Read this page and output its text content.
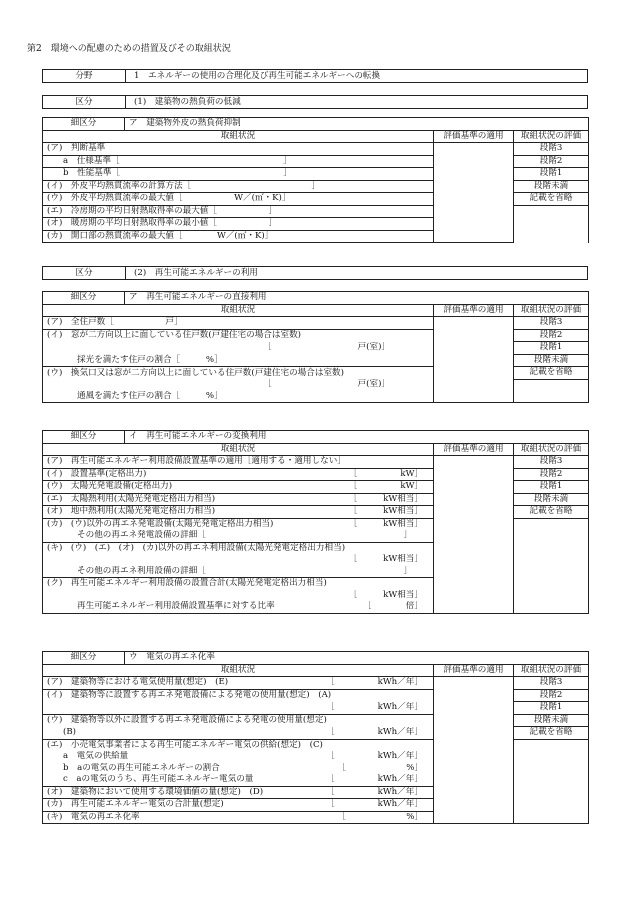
第2　環境への配慮のための措置及びその取組状況
分野	1　エネルギーの使用の合理化及び再生可能エネルギーへの転換
区分	(1)　建築物の熱負荷の低減
細区分	ア　建築物外皮の熱負荷抑制		
取組状況		評価基準の適用	取組状況の評価
(ア)　判断基準			段階3
a　仕様基準［　　　　　　　　　　　　　　　　　　　］			段階2
b　性能基準［　　　　　　　　　　　　　　　　　　　］			段階1
(イ)　外皮平均熱貫流率の計算方法［　　　　　　　　　　　　　　］			段階未満
(ウ)　外皮平均熱貫流率の最大値［　　　　　　W／(㎡・K)］			記載を省略
(エ)　冷房期の平均日射熱取得率の最大値［　　　　　　］			
(オ)　暖房期の平均日射熱取得率の最小値［　　　　　　］			
(カ)　開口部の熱貫流率の最大値［　　　　W／(㎡・K)］			
区分	(2)　再生可能エネルギーの利用
細区分	ア　再生可能エネルギーの直接利用		
取組状況		評価基準の適用	取組状況の評価
(ア)　全住戸数［　　　　　　戸］			段階3
(イ)　窓が二方向以上に面している住戸数(戸建住宅の場合は室数)			段階2
［　　　　　　　　　　戸(室)］			段階1
採光を満たす住戸の割合［　　　%］			段階未満
(ウ)　換気口又は窓が二方向以上に面している住戸数(戸建住宅の場合は室数)			記載を省略
［　　　　　　　　　　戸(室)］			
通風を満たす住戸の割合［　　　%］			
細区分	イ　再生可能エネルギーの変換利用		
取組状況		評価基準の適用	取組状況の評価
(ア)　再生可能エネルギー利用設備設置基準の適用［適用する・適用しない］			段階3
(イ)　設置基準(定格出力) ［　　　　　kW］			段階2
(ウ)　太陽光発電設備(定格出力) ［　　　　　kW］			段階1
(エ)　太陽熱利用(太陽光発電定格出力相当) ［　　　kW相当］			段階未満
(オ)　地中熱利用(太陽光発電定格出力相当) ［　　　kW相当］			記載を省略
(カ)　(ウ)以外の再エネ発電設備(太陽光発電定格出力相当) ［　　　kW相当］			

その他の再エネ発電設備の詳細［　　　　　　　　　　　　　　　　　　　　　　　］			
(キ)　(ウ)　(エ)　(オ)　(カ)以外の再エネ利用設備(太陽光発電定格出力相当)			

［　　　kW相当］			

その他の再エネ利用設備の詳細［　　　　　　　　　　　　　　　　　　　　　　　］			
(ク)　再生可能エネルギー利用設備の設置合計(太陽光発電定格出力相当)			

［　　　kW相当］			

再生可能エネルギー利用設備設置基準に対する比率 ［　　　　倍］			
細区分	ウ　電気の再エネ化率		
取組状況		評価基準の適用	取組状況の評価
(ア)　建築物等における電気使用量(想定)　(E) ［　　　　　kWh／年］			段階3
(イ)　建築物等に設置する再エネ発電設備による発電の使用量(想定)　(A)			段階2

［　　　　　kWh／年］			段階1
(ウ)　建築物等以外に設置する再エネ発電設備による発電の使用量(想定)			段階未満
(B) ［　　　　　kWh／年］			記載を省略
(エ)　小売電気事業者による再生可能エネルギー電気の供給(想定)　(C)			
a　電気の供給量 ［　　　　　kWh／年］			

b　aの電気の再生可能エネルギーの割合 ［　　　　　　　%］			

c　aの電気のうち、再生可能エネルギー電気の量 ［　　　　　kWh／年］			

(オ)　建築物において使用する環境価値の量(想定)　(D) ［　　　　　kWh／年］			

(カ)　再生可能エネルギー電気の合計量(想定) ［　　　　　kWh／年］			

(キ)　電気の再エネ化率 ［　　　　　　　%］			
